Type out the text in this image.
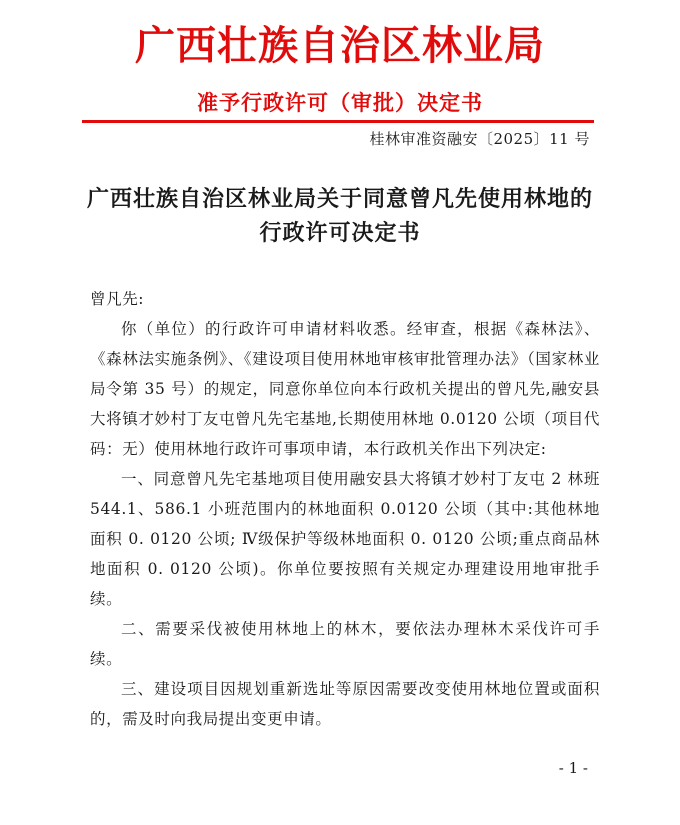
广西壮族自治区林业局
准予行政许可（审批）决定书
桂林审准资融安〔2025〕11 号
广西壮族自治区林业局关于同意曾凡先使用林地的行政许可决定书

曾凡先:

你（单位）的行政许可申请材料收悉。经审查，根据《森林法》、《森林法实施条例》、《建设项目使用林地审核审批管理办法》（国家林业局令第 35 号）的规定，同意你单位向本行政机关提出的曾凡先,融安县大将镇才妙村丁友屯曾凡先宅基地,长期使用林地 0.0120 公顷（项目代码：无）使用林地行政许可事项申请，本行政机关作出下列决定:

一、同意曾凡先宅基地项目使用融安县大将镇才妙村丁友屯 2 林班 544.1、586.1 小班范围内的林地面积 0.0120 公顷（其中:其他林地面积 0. 0120 公顷; Ⅳ级保护等级林地面积 0. 0120 公顷;重点商品林地面积 0. 0120 公顷)。你单位要按照有关规定办理建设用地审批手续。

二、需要采伐被使用林地上的林木，要依法办理林木采伐许可手续。

三、建设项目因规划重新选址等原因需要改变使用林地位置或面积的，需及时向我局提出变更申请。

- 1 -
